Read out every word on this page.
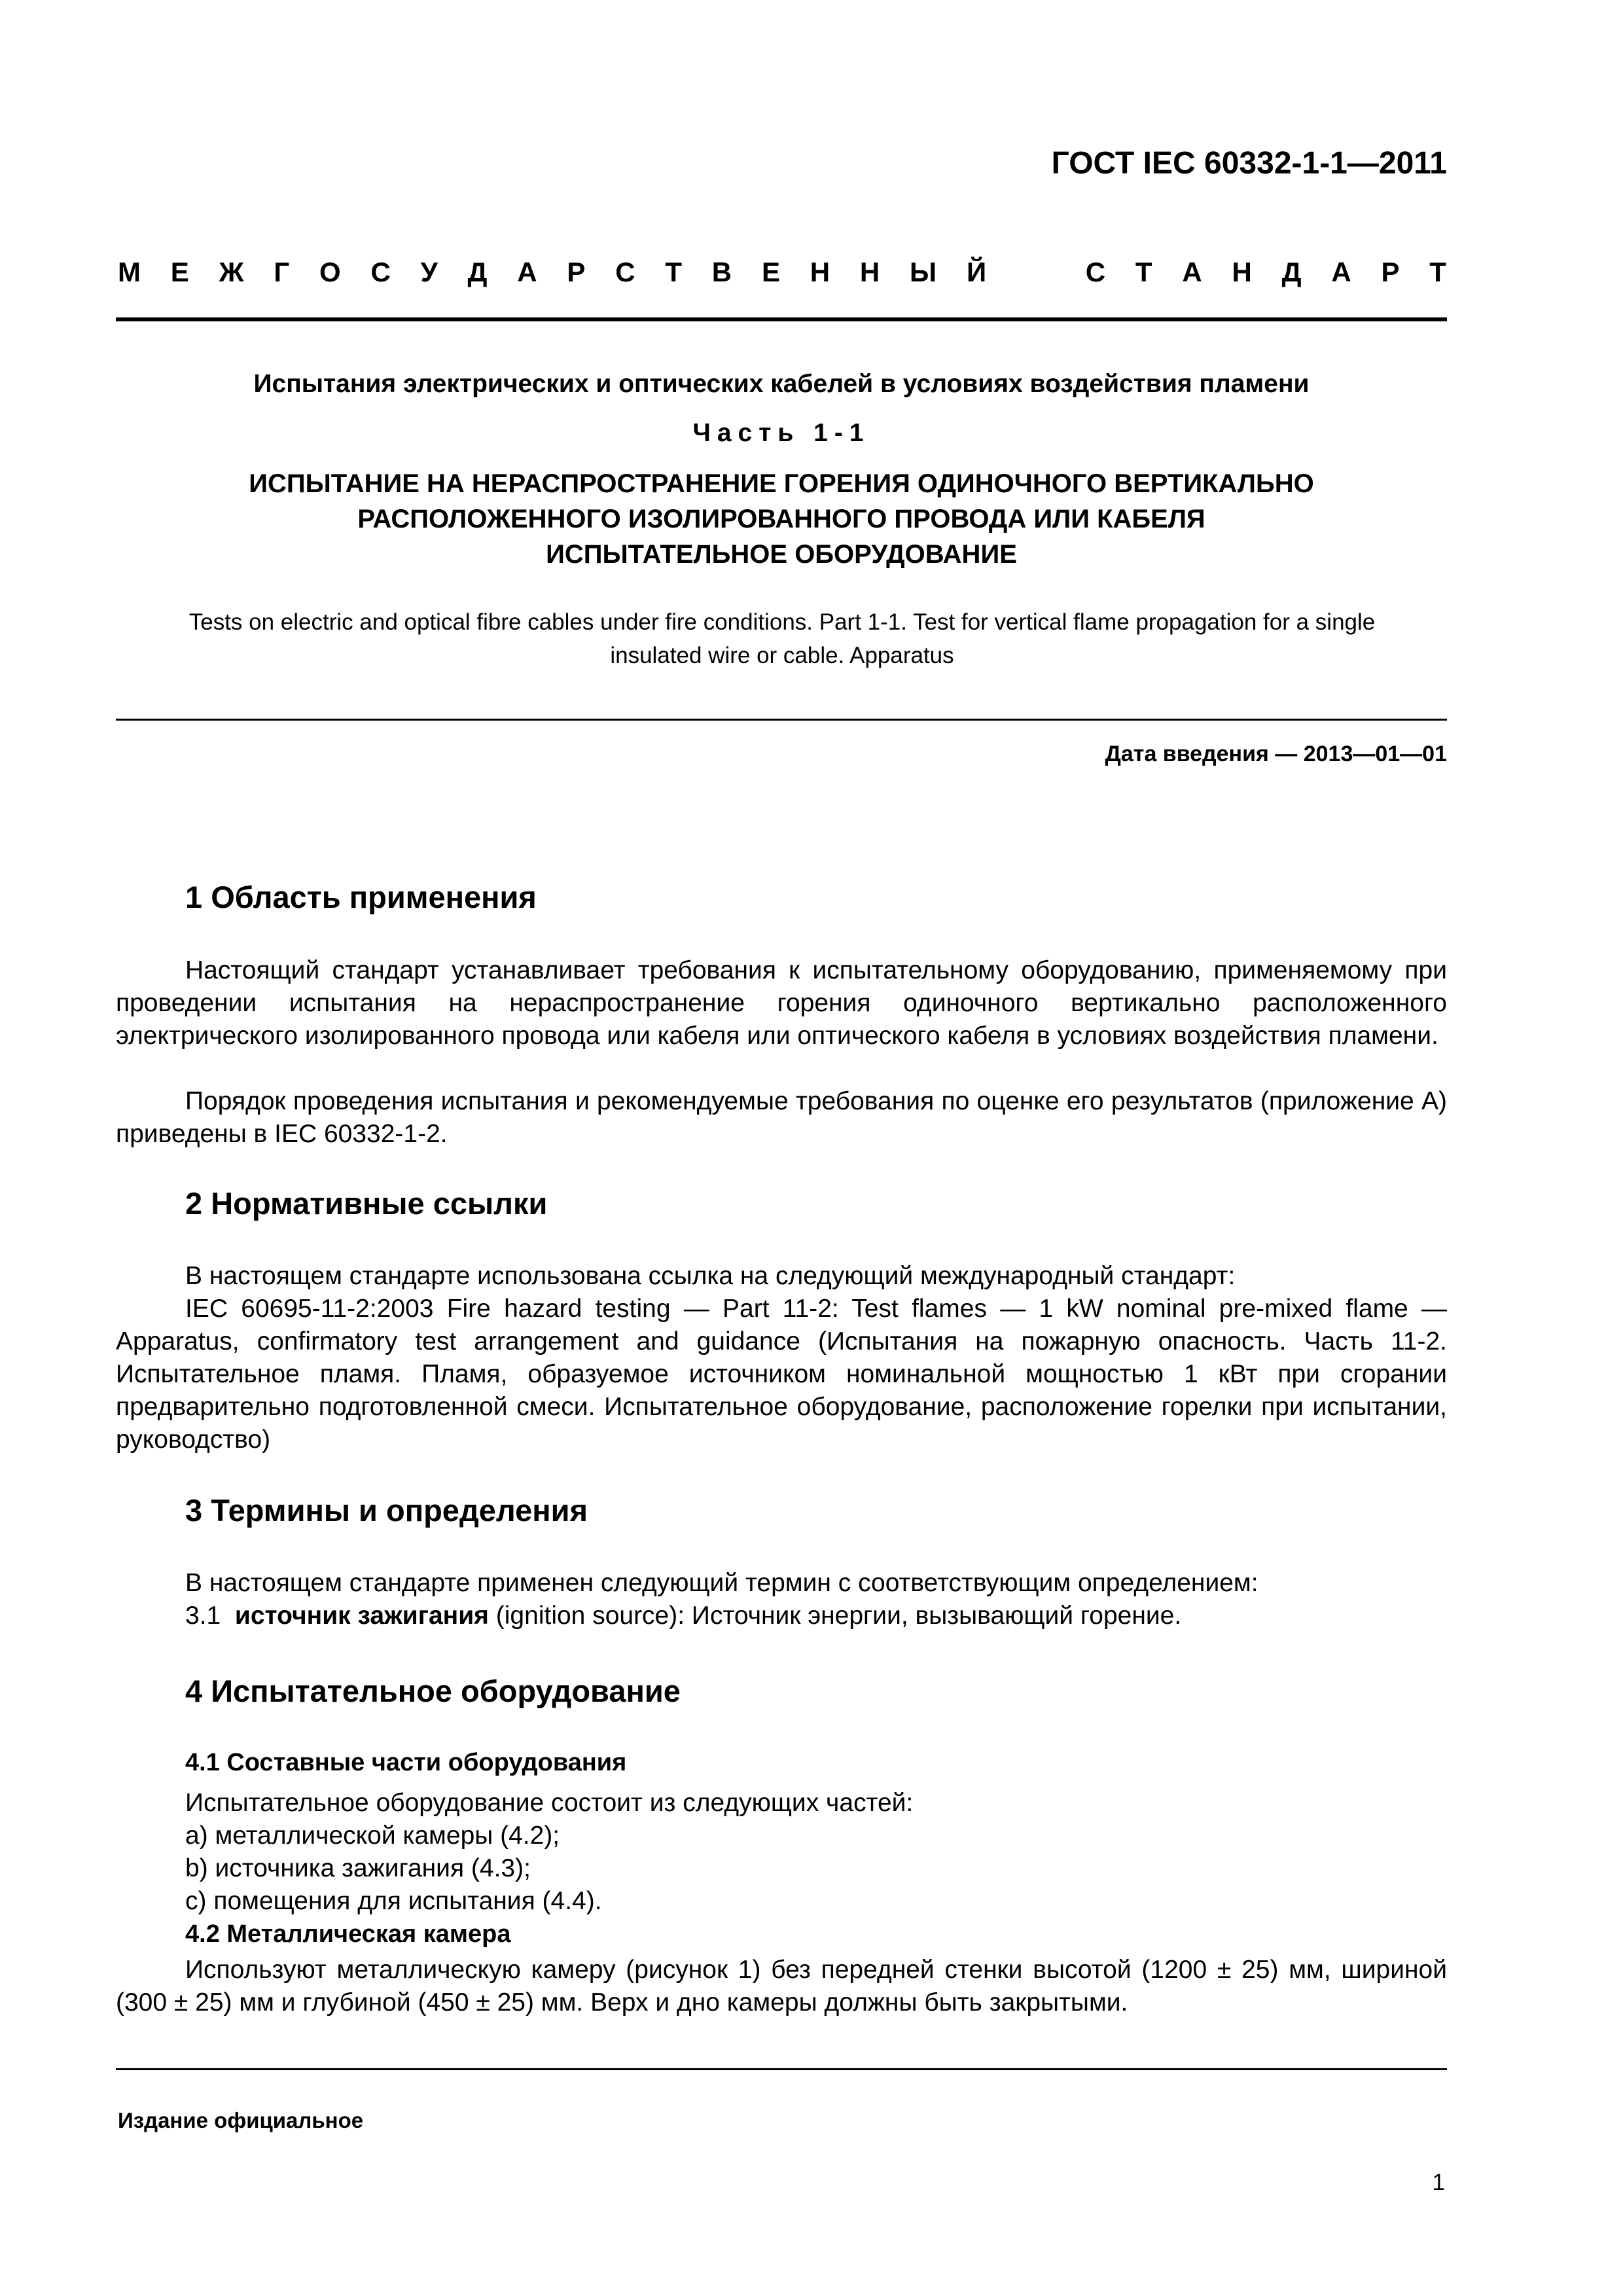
ГОСТ IEC 60332-1-1—2011
М Е Ж Г О С У Д А Р С Т В Е Н Н Ы Й	С Т А Н Д А Р Т
Испытания электрических и оптических кабелей в условиях воздействия пламени
Часть 1-1
ИСПЫТАНИЕ НА НЕРАСПРОСТРАНЕНИЕ ГОРЕНИЯ ОДИНОЧНОГО ВЕРТИКАЛЬНО
РАСПОЛОЖЕННОГО ИЗОЛИРОВАННОГО ПРОВОДА ИЛИ КАБЕЛЯ
ИСПЫТАТЕЛЬНОЕ ОБОРУДОВАНИЕ
Tests on electric and optical fibre cables under fire conditions. Part 1-1. Test for vertical flame propagation for a single
insulated wire or cable. Apparatus
Дата введения — 2013—01—01
1 Область применения
Настоящий стандарт устанавливает требования к испытательному оборудованию, применяемому при проведении испытания на нераспространение горения одиночного вертикально расположенного электрического изолированного провода или кабеля или оптического кабеля в условиях воздействия пламени.
Порядок проведения испытания и рекомендуемые требования по оценке его результатов (приложение А) приведены в IEC 60332-1-2.
2 Нормативные ссылки
В настоящем стандарте использована ссылка на следующий международный стандарт:
IEC 60695-11-2:2003 Fire hazard testing — Part 11-2: Test flames — 1 kW nominal pre-mixed flame — Apparatus, confirmatory test arrangement and guidance (Испытания на пожарную опасность. Часть 11-2. Испытательное пламя. Пламя, образуемое источником номинальной мощностью 1 кВт при сгорании предварительно подготовленной смеси. Испытательное оборудование, расположение горелки при испытании, руководство)
3 Термины и определения
В настоящем стандарте применен следующий термин с соответствующим определением:
3.1 источник зажигания (ignition source): Источник энергии, вызывающий горение.
4 Испытательное оборудование
4.1 Составные части оборудования
Испытательное оборудование состоит из следующих частей:
а) металлической камеры (4.2);
b) источника зажигания (4.3);
с) помещения для испытания (4.4).
4.2 Металлическая камера
Используют металлическую камеру (рисунок 1) без передней стенки высотой (1200 ± 25) мм, шириной (300 ± 25) мм и глубиной (450 ± 25) мм. Верх и дно камеры должны быть закрытыми.
Издание официальное
1
